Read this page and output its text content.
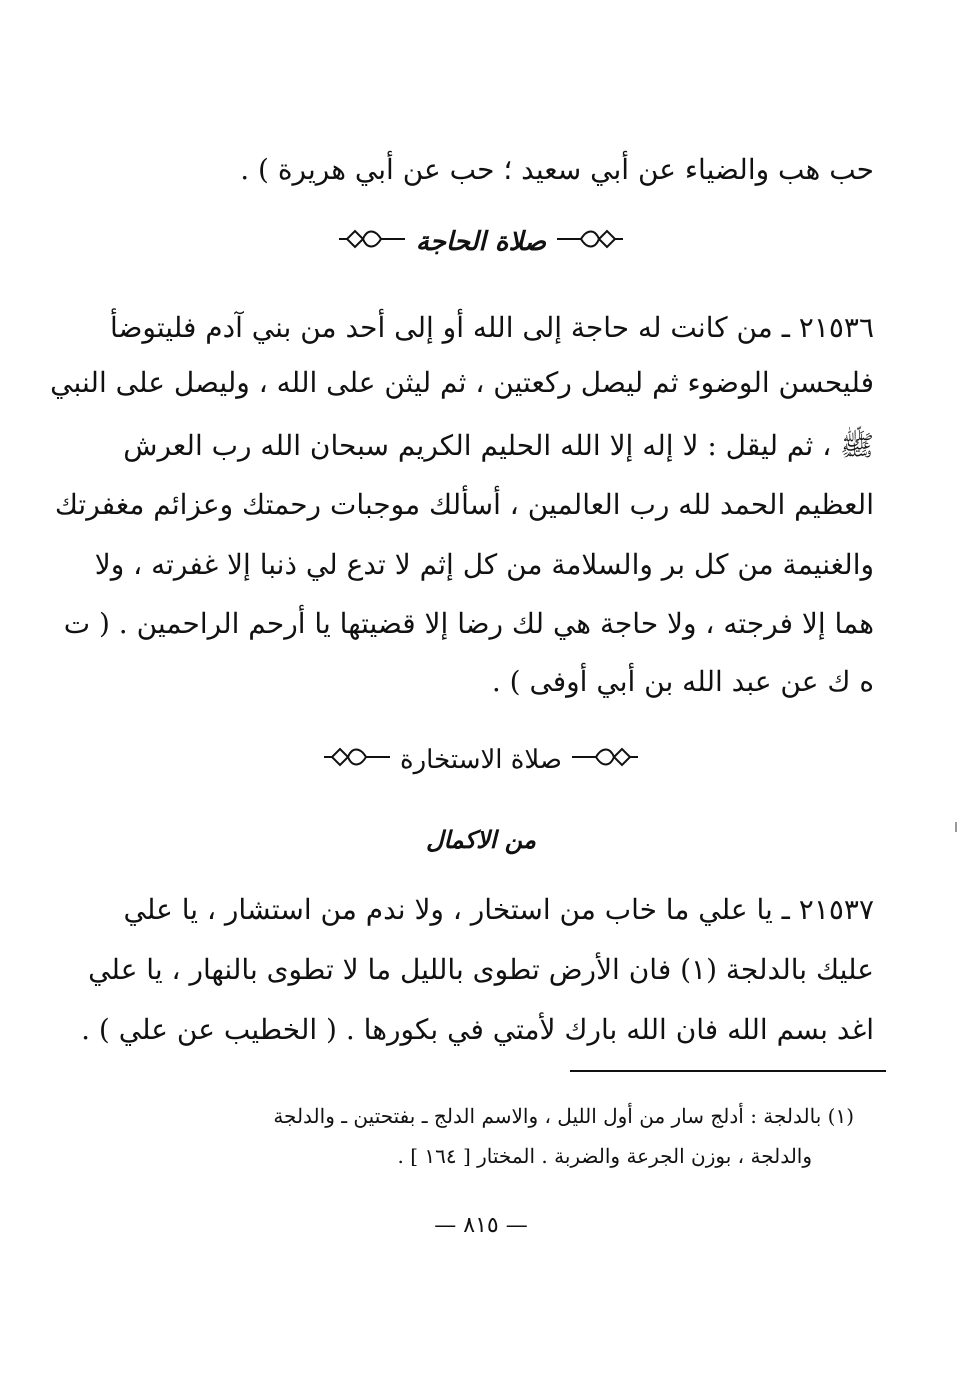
حب هب والضياء عن أبي سعيد ؛ حب عن أبي هريرة ) .
صلاة الحاجة
٢١٥٣٦ ـ من كانت له حاجة إلى الله أو إلى أحد من بني آدم فليتوضأ
فليحسن الوضوء ثم ليصل ركعتين ، ثم ليثن على الله ، وليصل على النبي
ﷺ ، ثم ليقل : لا إله إلا الله الحليم الكريم سبحان الله رب العرش
العظيم الحمد لله رب العالمين ، أسألك موجبات رحمتك وعزائم مغفرتك
والغنيمة من كل بر والسلامة من كل إثم لا تدع لي ذنبا إلا غفرته ، ولا
هما إلا فرجته ، ولا حاجة هي لك رضا إلا قضيتها يا أرحم الراحمين . ( ت
ه ك عن عبد الله بن أبي أوفى ) .
صلاة الاستخارة
من الاكمال
٢١٥٣٧ ـ يا علي ما خاب من استخار ، ولا ندم من استشار ، يا علي
عليك بالدلجة (١) فان الأرض تطوى بالليل ما لا تطوى بالنهار ، يا علي
اغد بسم الله فان الله بارك لأمتي في بكورها . ( الخطيب عن علي ) .
(١) بالدلجة : أدلج سار من أول الليل ، والاسم الدلج ـ بفتحتين ـ والدلجة
والدلجة ، بوزن الجرعة والضربة . المختار [ ١٦٤ ] .
— ٨١٥ —
